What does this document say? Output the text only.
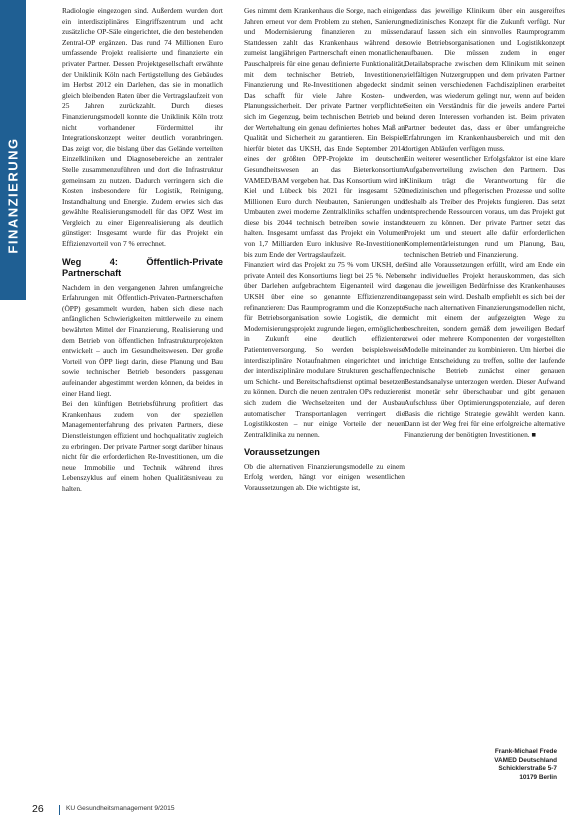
FINANZIERUNG

Radiologie eingezogen sind. Außerdem wurden dort ein interdisziplinäres Eingriffszentrum und acht zusätzliche OP-Säle eingerichtet, die den bestehenden Zentral-OP ergänzen. Das rund 74 Millionen Euro umfassende Projekt realisierte und finanzierte ein privater Partner. Dessen Projektgesellschaft erwähnte der Uniklinik Köln nach Fertigstellung des Gebäudes im Herbst 2012 ein Darlehen, das sie in monatlich gleich bleibenden Raten über die Vertragslaufzeit von 25 Jahren zurückzahlt. Durch dieses Finanzierungsmodell konnte die Uniklinik Köln trotz nicht vorhandener Fördermittel ihr Integrationskonzept weiter deutlich voranbringen. Das zeigt vor, die bislang über das Gelände verteilten Einzelkliniken und Diagnosebereiche an zentraler Stelle zusammenzuführen und dort die Infrastruktur gemeinsam zu nutzen. Dadurch verringern sich die Kosten insbesondere für Logistik, Reinigung, Instandhaltung und Energie. Zudem erwies sich das gewählte Realisierungsmodell für das OPZ West im Vergleich zu einer Eigenrealisierung als deutlich günstiger: Insgesamt wurde für das Projekt ein Effizienzvorteil von 7 % errechnet.

Weg 4: Öffentlich-Private Partnerschaft

Nachdem in den vergangenen Jahren umfangreiche Erfahrungen mit Öffentlich-Privaten-Partnerschaften (ÖPP) gesammelt wurden, haben sich diese nach anfänglichen Schwierigkeiten mittlerweile zu einem bewährten Mittel der Finanzierung, Realisierung und dem Betrieb von öffentlichen Infrastrukturprojekten entwickelt – auch im Gesundheitswesen. Der große Vorteil von ÖPP liegt darin, diese Planung und Bau sowie technischer Betrieb besonders passgenau aufeinander abgestimmt werden können, da beides in einer Hand liegt.

Bei den künftigen Betriebsführung profitiert das Krankenhaus zudem von der speziellen Managementerfahrung des privaten Partners, diese Dienstleistungen effizient und hochqualitativ zugleich zu erbringen. Der private Partner sorgt darüber hinaus nicht für die erforderlichen Re-Investitionen, um die neue Immobilie und Technik während ihres Lebenszyklus auf einem hohen Qualitätsniveau zu halten.

Ges nimmt dem Krankenhaus die Sorge, nach einigen Jahren erneut vor dem Problem zu stehen, Sanierung und Modernisierung finanzieren zu müssen. Stattdessen zahlt das Krankenhaus während der zumeist langjährigen Partnerschaft einen monatlichen Pauschalpreis für eine genau definierte Funktionalität, mit dem technischer Betrieb, Investitionen, Finanzierung und Re-Investitionen abgedeckt sind. Das schafft für viele Jahre Kosten- und Planungssicherheit. Der private Partner verpflichtet sich im Gegenzug, beim technischen Betrieb und bei der Wertehaltung ein genau definiertes hohes Maß an Qualität und Sicherheit zu garantieren. Ein Beispiel hierfür bietet das UKSH, das Ende September 2014 eines der größten ÖPP-Projekte im deutschen Gesundheitswesen an das Bieterkonsortium VAMED/BAM vergeben hat. Das Konsortium wird in Kiel und Lübeck bis 2021 für insgesamt 520 Millionen Euro durch Neubauten, Sanierungen und Umbauten zwei moderne Zentralkliniks schaffen und diese bis 2044 technisch betreiben sowie instand halten. Insgesamt umfasst das Projekt ein Volumen von 1,7 Milliarden Euro inklusive Re-Investitionen bis zum Ende der Vertragslaufzeit.

Finanziert wird das Projekt zu 75 % vom UKSH, der private Anteil des Konsortiums liegt bei 25 %. Neben über Darlehen aufgebrachtem Eigenanteil wird das UKSH über eine so genannte Effizienzrendite refinanzieren: Das Raumprogramm und die Konzepte für Betriebsorganisation sowie Logistik, die dem Modernisierungsprojekt zugrunde liegen, ermöglichen in Zukunft eine deutlich effizientere Patientenversorgung. So werden beispielsweise interdisziplinäre Notaufnahmen eingerichtet und in der interdisziplinäre modulare Strukturen geschaffen, um Schicht- und Bereitschaftsdienst optimal besetzen zu können. Durch die neuen zentralen OPs reduzieren sich zudem die Wechselzeiten und der Ausbau automatischer Transportanlagen verringert die Logistikkosten – nur einige Vorteile der neuen Zentralklinika zu nennen.

Voraussetzungen

Ob die alternativen Finanzierungsmodelle zu einem Erfolg werden, hängt vor einigen wesentlichen Voraussetzungen ab. Die wichtigste ist,

dass das jeweilige Klinikum über ein ausgereiftes medizinisches Konzept für die Zukunft verfügt. Nur darauf lassen sich ein sinnvolles Raumprogramm sowie Betriebsorganisationen und Logistikkonzept aufbauen. Die müssen zudem in enger Detailabsprache zwischen dem Klinikum mit seinen vielfältigen Nutzergruppen und dem privaten Partner mit seinen verschiedenen Fachdisziplinen erarbeitet werden, was wiederum gelingt nur, wenn auf beiden Seiten ein Verständnis für die jeweils andere Partei und deren Interessen vorhanden ist. Beim privaten Partner bedeutet das, dass er über umfangreiche Erfahrungen im Krankenhausbereich und mit den dortigen Abläufen verfügen muss.

Ein weiterer wesentlicher Erfolgsfaktor ist eine klare Aufgabenverteilung zwischen den Partnern. Das Klinikum trägt die Verantwortung für die medizinischen und pflegerischen Prozesse und sollte deshalb als Treiber des Projekts fungieren. Das setzt entsprechende Ressourcen voraus, um das Projekt gut steuern zu können. Der private Partner setzt das Projekt um und steuert alle dafür erforderlichen Komplementärleistungen rund um Planung, Bau, technischen Betrieb und Finanzierung.

Sind alle Voraussetzungen erfüllt, wird am Ende ein sehr individuelles Projekt herauskommen, das sich genau die jeweiligen Bedürfnisse des Krankenhauses angepasst sein wird. Deshalb empfiehlt es sich bei der Suche nach alternativen Finanzierungsmodellen nicht, nicht mit einem der aufgezeigten Wege zu beschreiten, sondern gemäß dem jeweiligen Bedarf zwei oder mehrere Komponenten der vorgestellten Modelle miteinander zu kombinieren. Um hierbei die richtige Entscheidung zu treffen, sollte der laufende technische Betrieb zunächst einer genauen Bestandsanalyse unterzogen werden. Dieser Aufwand ist monetär sehr überschaubar und gibt genauen Aufschluss über Optimierungspotenziale, auf deren Basis die richtige Strategie gewählt werden kann. Dann ist der Weg frei für eine erfolgreiche alternative Finanzierung der benötigten Investitionen. ■

Frank-Michael Frede
VAMED Deutschland
Schicklerstraße 5-7
10179 Berlin
26	KU Gesundheitsmanagement 9/2015
